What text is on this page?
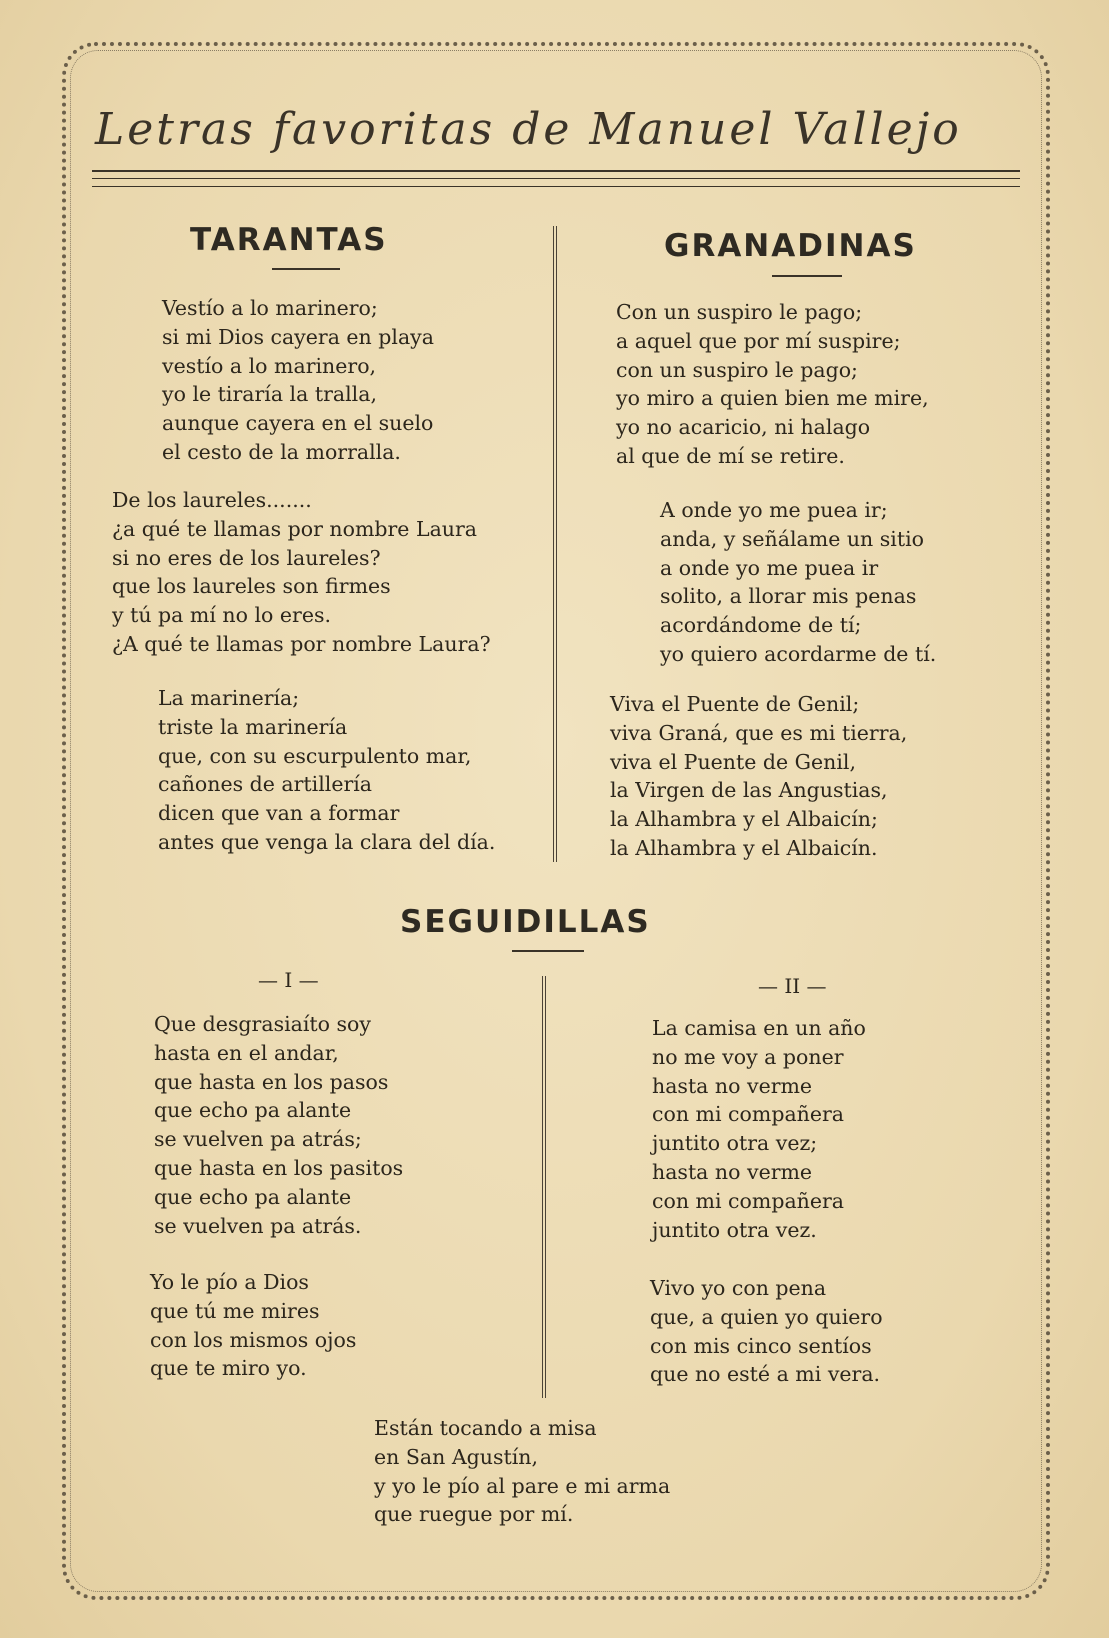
Letras favoritas de Manuel Vallejo
TARANTAS
Vestío a lo marinero;
si mi Dios cayera en playa
vestío a lo marinero,
yo le tiraría la tralla,
aunque cayera en el suelo
el cesto de la morralla.
De los laureles.......
¿a qué te llamas por nombre Laura
si no eres de los laureles?
que los laureles son firmes
y tú pa mí no lo eres.
¿A qué te llamas por nombre Laura?
La marinería;
triste la marinería
que, con su escurpulento mar,
cañones de artillería
dicen que van a formar
antes que venga la clara del día.
GRANADINAS
Con un suspiro le pago;
a aquel que por mí suspire;
con un suspiro le pago;
yo miro a quien bien me mire,
yo no acaricio, ni halago
al que de mí se retire.
A onde yo me puea ir;
anda, y señálame un sitio
a onde yo me puea ir
solito, a llorar mis penas
acordándome de tí;
yo quiero acordarme de tí.
Viva el Puente de Genil;
viva Graná, que es mi tierra,
viva el Puente de Genil,
la Virgen de las Angustias,
la Alhambra y el Albaicín;
la Alhambra y el Albaicín.
SEGUIDILLAS
— I —	— II —
Que desgrasiaíto soy
hasta en el andar,
que hasta en los pasos
que echo pa alante
se vuelven pa atrás;
que hasta en los pasitos
que echo pa alante
se vuelven pa atrás.
Yo le pío a Dios
que tú me mires
con los mismos ojos
que te miro yo.
La camisa en un año
no me voy a poner
hasta no verme
con mi compañera
juntito otra vez;
hasta no verme
con mi compañera
juntito otra vez.
Vivo yo con pena
que, a quien yo quiero
con mis cinco sentíos
que no esté a mi vera.
Están tocando a misa
en San Agustín,
y yo le pío al pare e mi arma
que ruegue por mí.
